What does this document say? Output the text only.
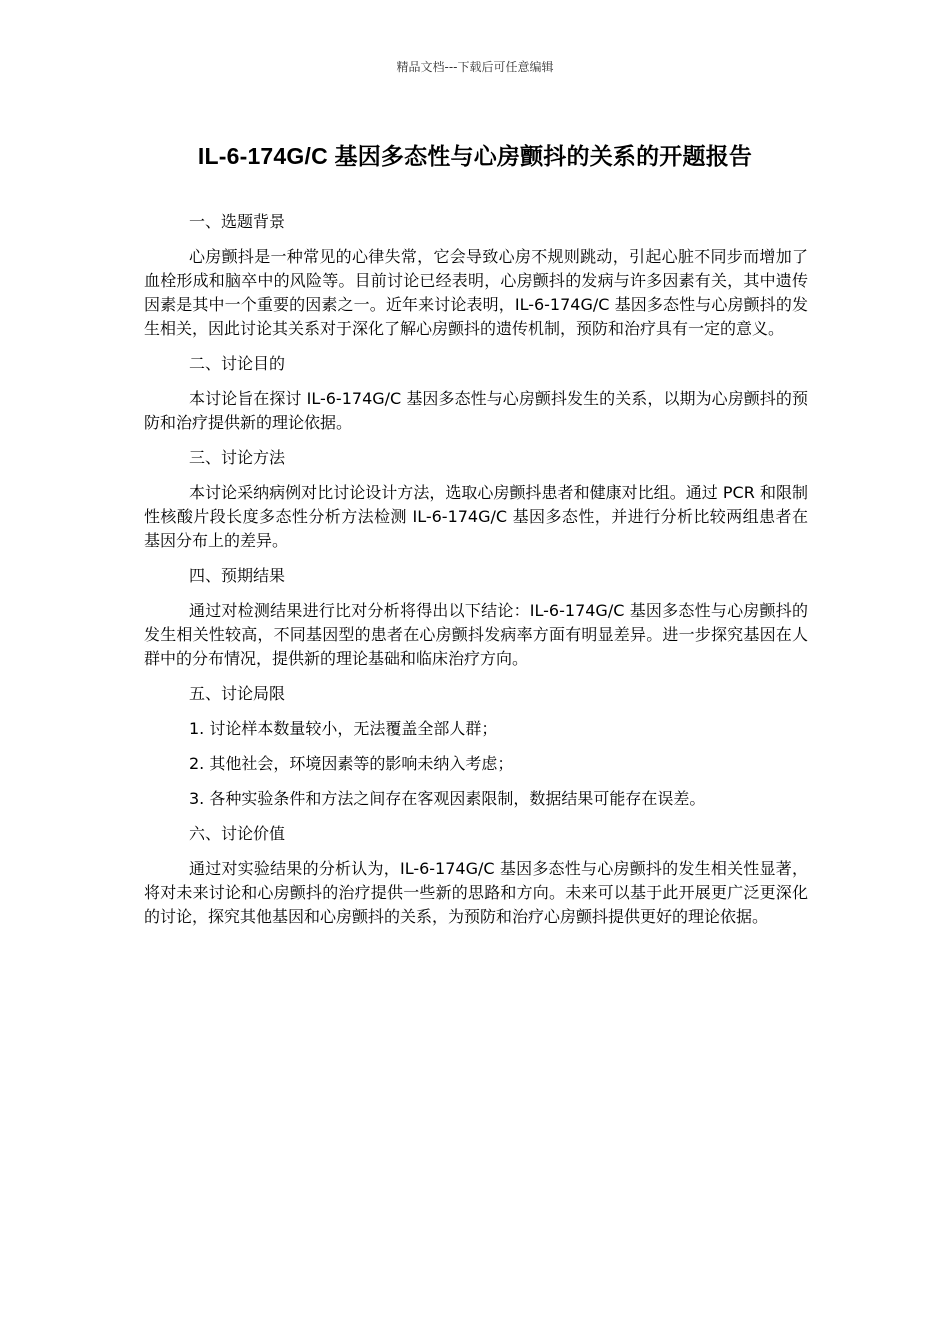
精品文档---下载后可任意编辑
IL-6-174G/C 基因多态性与心房颤抖的关系的开题报告
一、选题背景
心房颤抖是一种常见的心律失常，它会导致心房不规则跳动，引起心脏不同步而增加了血栓形成和脑卒中的风险等。目前讨论已经表明，心房颤抖的发病与许多因素有关，其中遗传因素是其中一个重要的因素之一。近年来讨论表明，IL-6-174G/C 基因多态性与心房颤抖的发生相关，因此讨论其关系对于深化了解心房颤抖的遗传机制，预防和治疗具有一定的意义。
二、讨论目的
本讨论旨在探讨 IL-6-174G/C 基因多态性与心房颤抖发生的关系，以期为心房颤抖的预防和治疗提供新的理论依据。
三、讨论方法
本讨论采纳病例对比讨论设计方法，选取心房颤抖患者和健康对比组。通过 PCR 和限制性核酸片段长度多态性分析方法检测 IL-6-174G/C 基因多态性，并进行分析比较两组患者在基因分布上的差异。
四、预期结果
通过对检测结果进行比对分析将得出以下结论：IL-6-174G/C 基因多态性与心房颤抖的发生相关性较高，不同基因型的患者在心房颤抖发病率方面有明显差异。进一步探究基因在人群中的分布情况，提供新的理论基础和临床治疗方向。
五、讨论局限
1. 讨论样本数量较小，无法覆盖全部人群；
2. 其他社会，环境因素等的影响未纳入考虑；
3. 各种实验条件和方法之间存在客观因素限制，数据结果可能存在误差。
六、讨论价值
通过对实验结果的分析认为，IL-6-174G/C 基因多态性与心房颤抖的发生相关性显著，将对未来讨论和心房颤抖的治疗提供一些新的思路和方向。未来可以基于此开展更广泛更深化的讨论，探究其他基因和心房颤抖的关系，为预防和治疗心房颤抖提供更好的理论依据。
